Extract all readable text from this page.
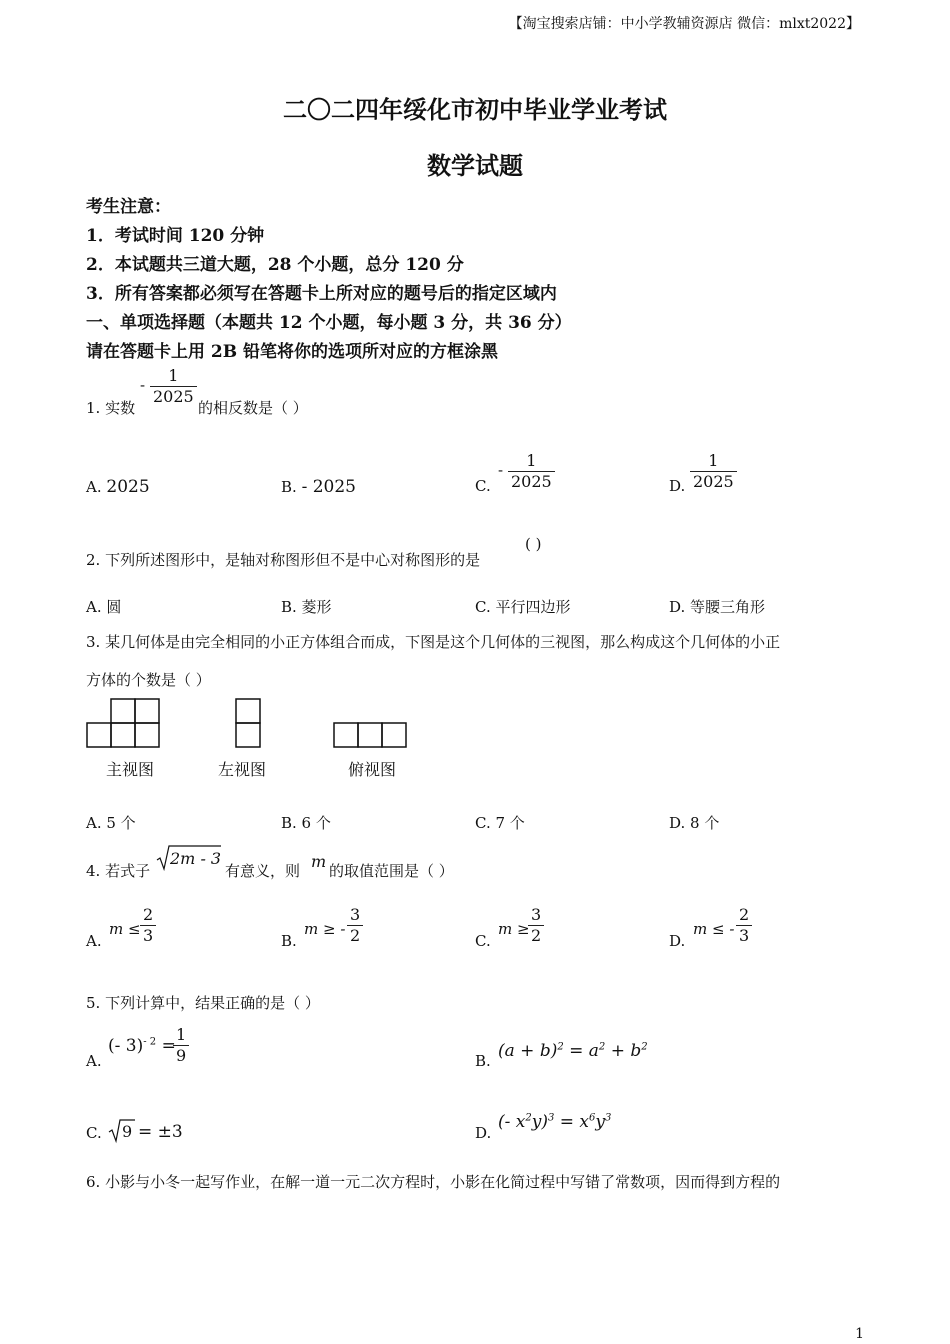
【淘宝搜索店铺：中小学教辅资源店 微信：mlxt2022】
二〇二四年绥化市初中毕业学业考试
数学试题
考生注意：
1．考试时间 120 分钟
2．本试题共三道大题，28 个小题，总分 120 分
3．所有答案都必须写在答题卡上所对应的题号后的指定区域内
一、单项选择题（本题共 12 个小题，每小题 3 分，共 36 分）
请在答题卡上用 2B 铅笔将你的选项所对应的方框涂黑
1. 实数
- $\frac{1}{2025}$
的相反数是（ ）
A. 2025	B. - 2025	C.
- $\frac{1}{2025}$	D. $\frac{1}{2025}$
2. 下列所述图形中，是轴对称图形但不是中心对称图形的是
( )
A. 圆	B. 菱形	C. 平行四边形	D. 等腰三角形
3. 某几何体是由完全相同的小正方体组合而成，下图是这个几何体的三视图，那么构成这个几何体的小正
方体的个数是（ ）
主视图	左视图	俯视图
A. 5 个	B. 6 个	C. 7 个	D. 8 个
4. 若式子
2m - 3
有意义，则 m 的取值范围是（ ）
A.
$m \le \frac{2}{3}$	B.
m ≥ - $\frac{3}{2}$	C.
m ≥
$\frac{3}{2}$	D.
m ≤ - $\frac{2}{3}$
5. 下列计算中，结果正确的是（ ）
A.
(- 3)$^{- 2}$ =
$\frac{1}{9}$	B. $(a + b)^2 = a^2 + b^2$
C. 9 = ±3	D.
(- $x^2y)^3 = x^6y^3$
6. 小影与小冬一起写作业，在解一道一元二次方程时，小影在化简过程中写错了常数项，因而得到方程的
1
